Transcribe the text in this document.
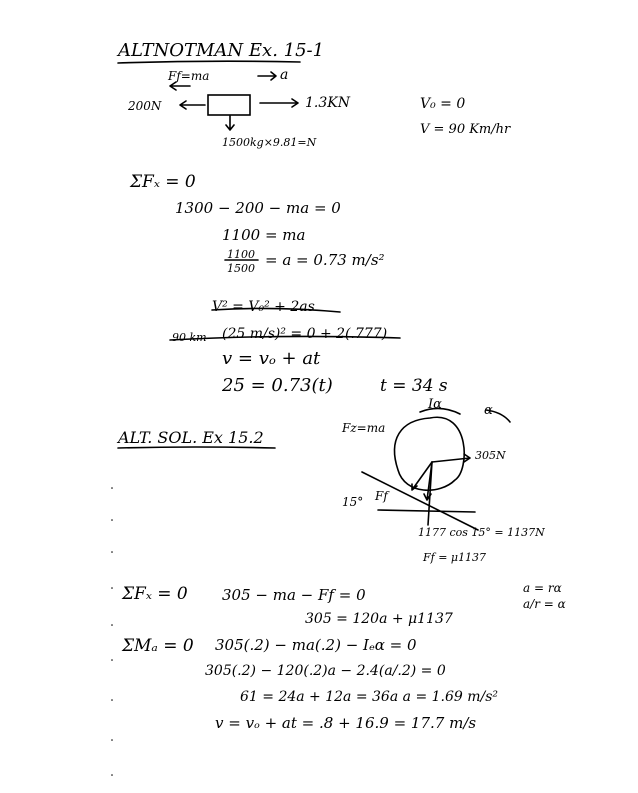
ALTNOTMAN Ex. 15-1
Ff=ma	a
200N	1.3KN
1500kg×9.81=N
V₀ = 0
V = 90 Km/hr
ΣFₓ = 0
1300 − 200 − ma = 0
1100 = ma
1100
1500 = a = 0.73 m/s²
V² = V₀² + 2as
90 km (25 m/s)² = 0 + 2(.777)
v = vₒ + at
25 = 0.73(t)	t = 34 s
ALT. SOL. Ex 15.2	Fz=ma
Iα	α
305N
15° Ff
1177 cos 15° = 1137N
Ff = μ1137
a = rα
a/r = α
ΣFₓ = 0 305 − ma − Ff = 0
305 = 120a + μ1137
ΣMₐ = 0 305(.2) − ma(.2) − Iₑα = 0
305(.2) − 120(.2)a − 2.4(a/.2) = 0
61 = 24a + 12a = 36a a = 1.69 m/s²
v = vₒ + at = .8 + 16.9 = 17.7 m/s
